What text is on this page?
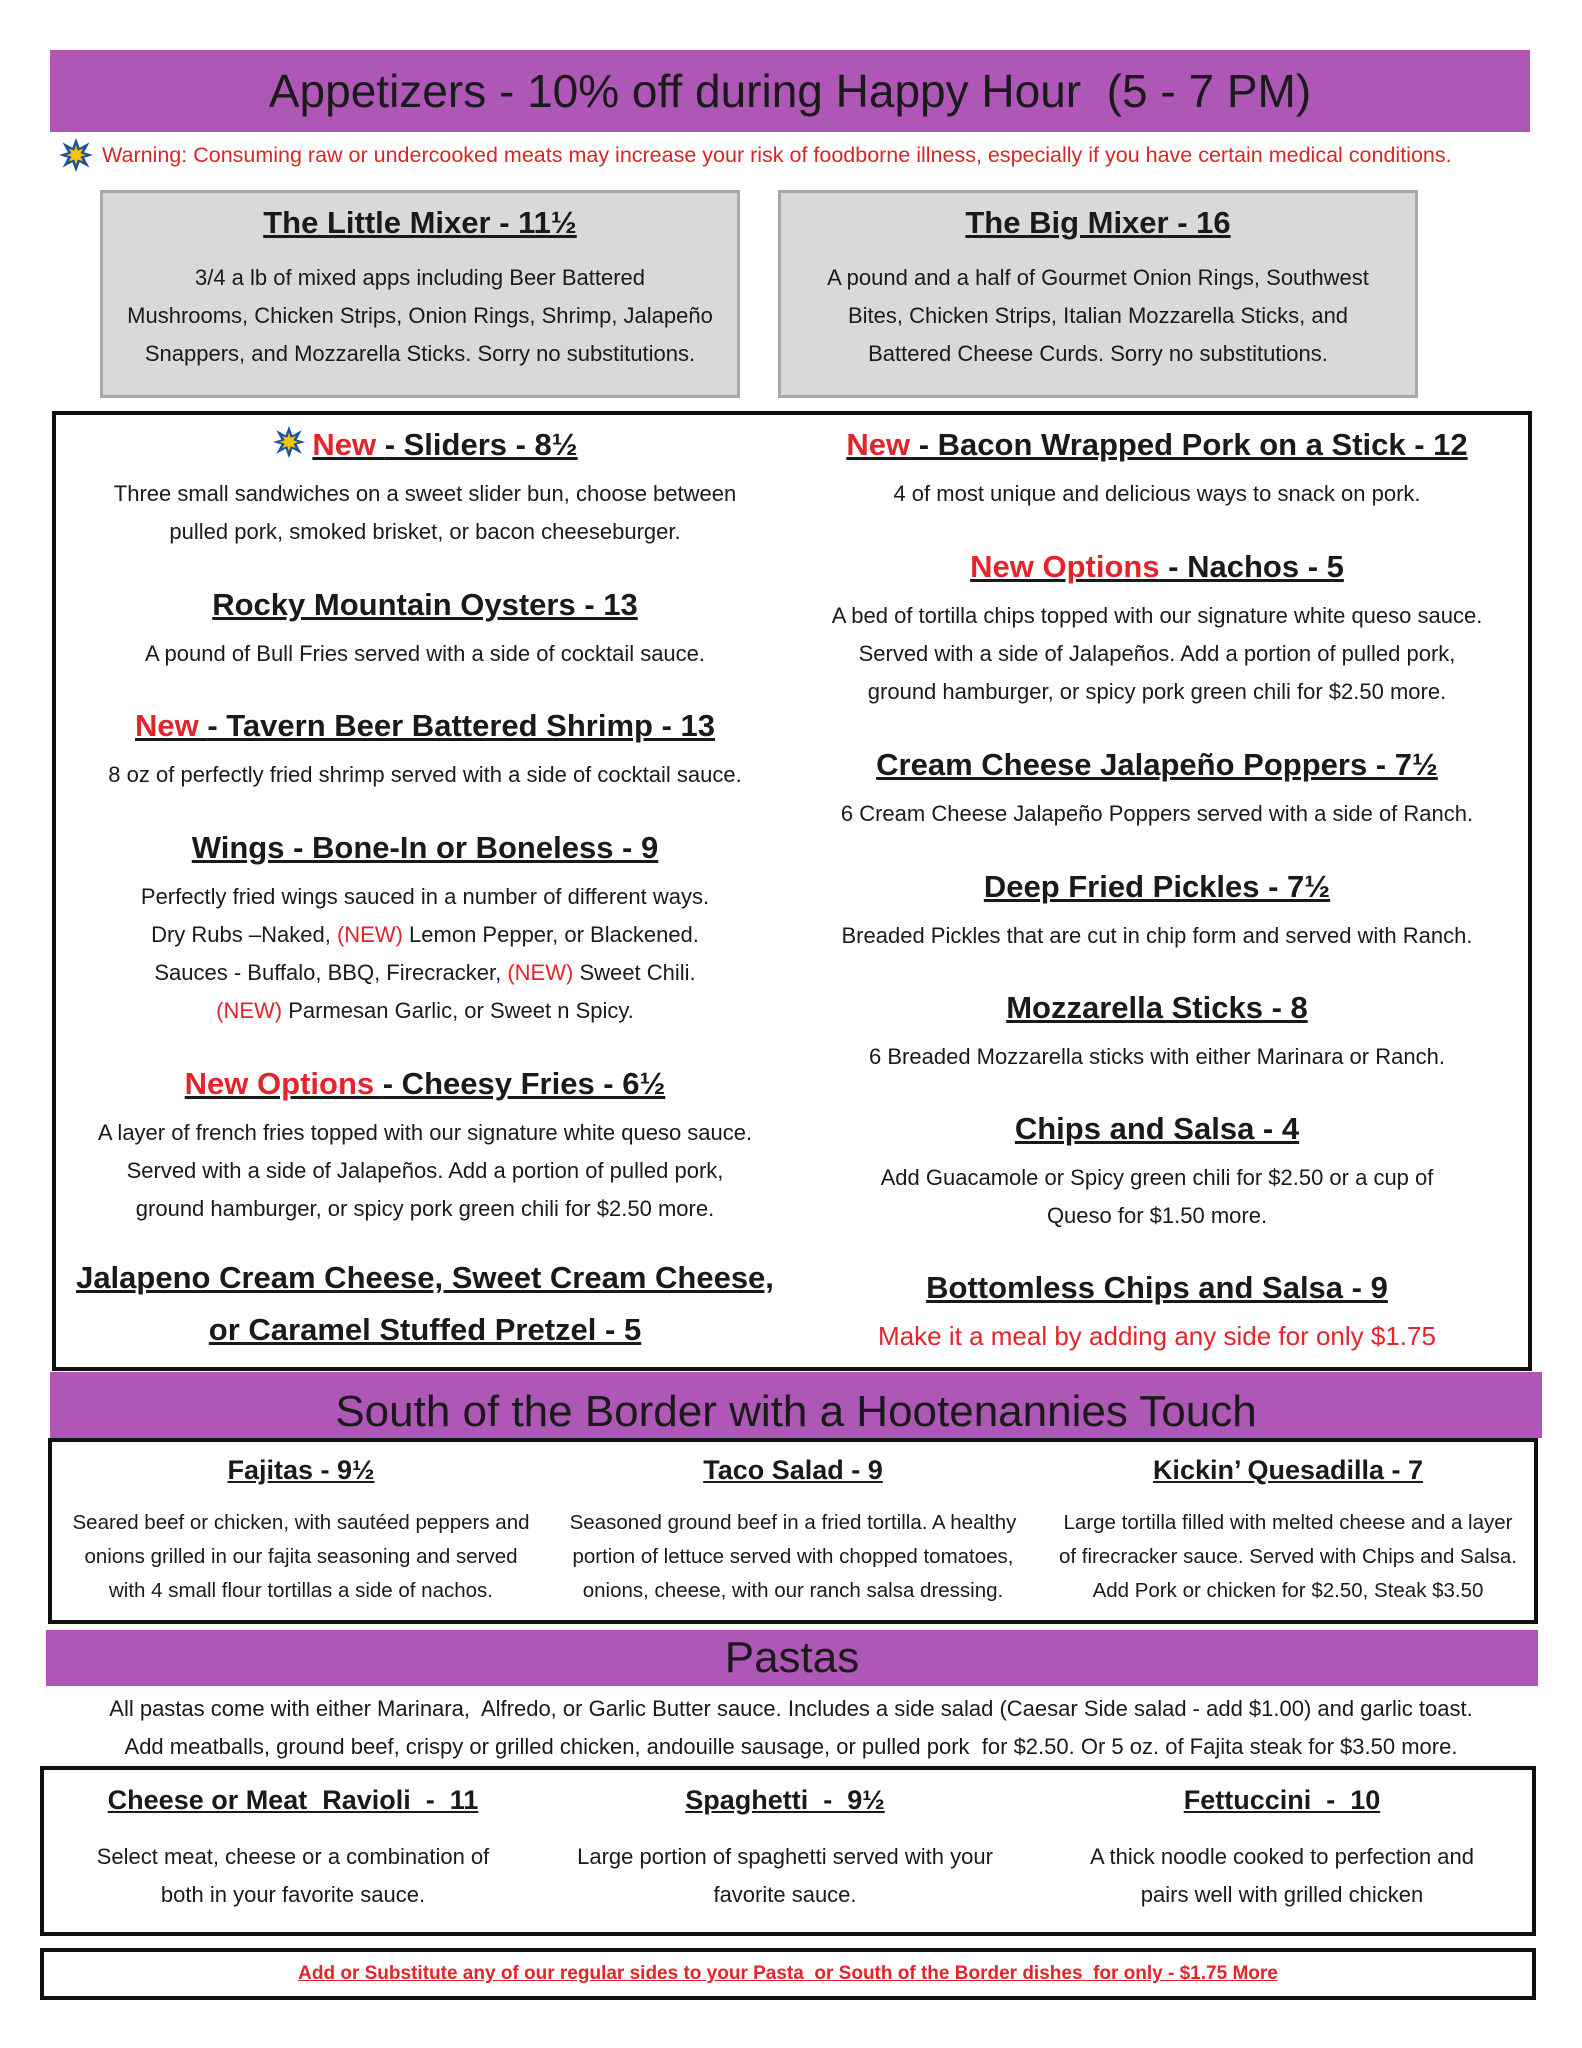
Appetizers - 10% off during Happy Hour  (5 - 7 PM)
Warning: Consuming raw or undercooked meats may increase your risk of foodborne illness, especially if you have certain medical conditions.
The Little Mixer - 11½

3/4 a lb of mixed apps including Beer Battered

Mushrooms, Chicken Strips, Onion Rings, Shrimp, Jalapeño

Snappers, and Mozzarella Sticks. Sorry no substitutions.

The Big Mixer - 16

A pound and a half of Gourmet Onion Rings, Southwest

Bites, Chicken Strips, Italian Mozzarella Sticks, and

Battered Cheese Curds. Sorry no substitutions.

New - Sliders - 8½
Three small sandwiches on a sweet slider bun, choose between
pulled pork, smoked brisket, or bacon cheeseburger.
Rocky Mountain Oysters - 13
A pound of Bull Fries served with a side of cocktail sauce.
New - Tavern Beer Battered Shrimp - 13
8 oz of perfectly fried shrimp served with a side of cocktail sauce.
Wings - Bone-In or Boneless - 9
Perfectly fried wings sauced in a number of different ways.
Dry Rubs –Naked, (NEW) Lemon Pepper, or Blackened.
Sauces - Buffalo, BBQ, Firecracker, (NEW) Sweet Chili.
(NEW) Parmesan Garlic, or Sweet n Spicy.
New Options - Cheesy Fries - 6½
A layer of french fries topped with our signature white queso sauce.
Served with a side of Jalapeños. Add a portion of pulled pork,
ground hamburger, or spicy pork green chili for $2.50 more.
Jalapeno Cream Cheese, Sweet Cream Cheese,
or Caramel Stuffed Pretzel - 5
New - Bacon Wrapped Pork on a Stick - 12
4 of most unique and delicious ways to snack on pork.
New Options - Nachos - 5
A bed of tortilla chips topped with our signature white queso sauce.
Served with a side of Jalapeños. Add a portion of pulled pork,
ground hamburger, or spicy pork green chili for $2.50 more.
Cream Cheese Jalapeño Poppers - 7½
6 Cream Cheese Jalapeño Poppers served with a side of Ranch.
Deep Fried Pickles - 7½
Breaded Pickles that are cut in chip form and served with Ranch.
Mozzarella Sticks - 8
6 Breaded Mozzarella sticks with either Marinara or Ranch.
Chips and Salsa - 4
Add Guacamole or Spicy green chili for $2.50 or a cup of
Queso for $1.50 more.
Bottomless Chips and Salsa - 9
Make it a meal by adding any side for only $1.75
South of the Border with a Hootenannies Touch
Fajitas - 9½
Seared beef or chicken, with sautéed peppers and
onions grilled in our fajita seasoning and served
with 4 small flour tortillas a side of nachos.
Taco Salad - 9
Seasoned ground beef in a fried tortilla. A healthy
portion of lettuce served with chopped tomatoes,
onions, cheese, with our ranch salsa dressing.
Kickin’ Quesadilla - 7
Large tortilla filled with melted cheese and a layer
of firecracker sauce. Served with Chips and Salsa.
Add Pork or chicken for $2.50, Steak $3.50
Pastas
All pastas come with either Marinara,  Alfredo, or Garlic Butter sauce. Includes a side salad (Caesar Side salad - add $1.00) and garlic toast.
Add meatballs, ground beef, crispy or grilled chicken, andouille sausage, or pulled pork  for $2.50. Or 5 oz. of Fajita steak for $3.50 more.
Cheese or Meat  Ravioli  -  11
Select meat, cheese or a combination of
both in your favorite sauce.
Spaghetti  -  9½
Large portion of spaghetti served with your
favorite sauce.
Fettuccini  -  10
A thick noodle cooked to perfection and
pairs well with grilled chicken
Add or Substitute any of our regular sides to your Pasta  or South of the Border dishes  for only - $1.75 More
